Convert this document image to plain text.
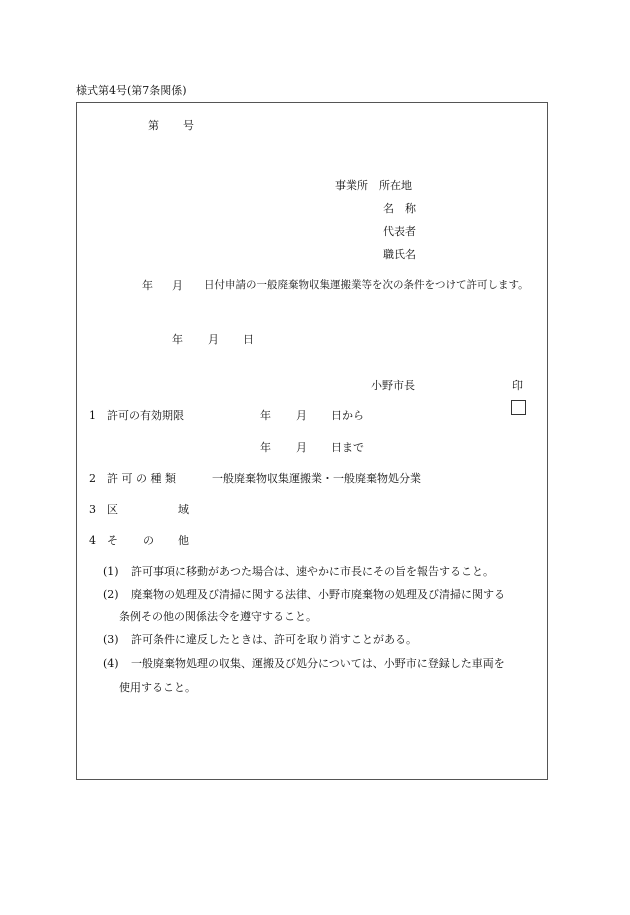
様式第4号(第7条関係)
第 号
事業所　所在地
名　称
代表者
職氏名
年 月 日付申請の一般廃棄物収集運搬業等を次の条件をつけて許可します。
年 月 日
小野市長	印
1 許可の有効期限	年 月 日から
年 月 日まで
2 許 可 の 種 類	一般廃棄物収集運搬業・一般廃棄物処分業
3 区	域
4 そ の 他
(1) 許可事項に移動があつた場合は、速やかに市長にその旨を報告すること。
(2) 廃棄物の処理及び清掃に関する法律、小野市廃棄物の処理及び清掃に関する
条例その他の関係法令を遵守すること。
(3) 許可条件に違反したときは、許可を取り消すことがある。
(4) 一般廃棄物処理の収集、運搬及び処分については、小野市に登録した車両を
使用すること。
